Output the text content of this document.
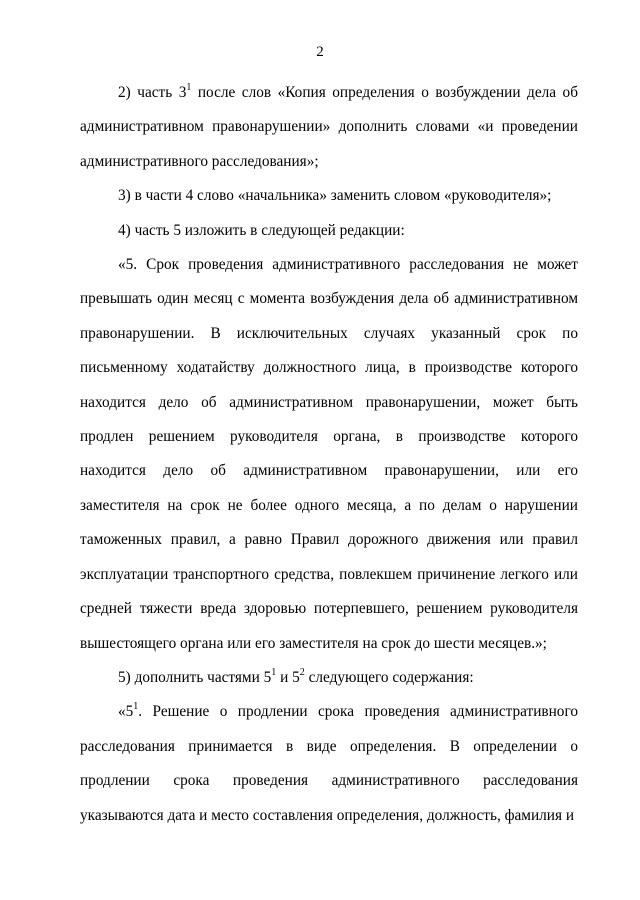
2

2) часть $3^1$ после слов «Копия определения о возбуждении дела об административном правонарушении» дополнить словами «и проведении административного расследования»;

3) в части 4 слово «начальника» заменить словом «руководителя»;

4) часть 5 изложить в следующей редакции:

«5. Срок проведения административного расследования не может превышать один месяц с момента возбуждения дела об административном правонарушении. В исключительных случаях указанный срок по письменному ходатайству должностного лица, в производстве которого находится дело об административном правонарушении, может быть продлен решением руководителя органа, в производстве которого находится дело об административном правонарушении, или его заместителя на срок не более одного месяца, а по делам о нарушении таможенных правил, а равно Правил дорожного движения или правил эксплуатации транспортного средства, повлекшем причинение легкого или средней тяжести вреда здоровью потерпевшего, решением руководителя вышестоящего органа или его заместителя на срок до шести месяцев.»;

5) дополнить частями $5^1$ и $5^2$ следующего содержания:

«$5^1$. Решение о продлении срока проведения административного расследования принимается в виде определения. В определении о продлении срока проведения административного расследования указываются дата и место составления определения, должность, фамилия и
